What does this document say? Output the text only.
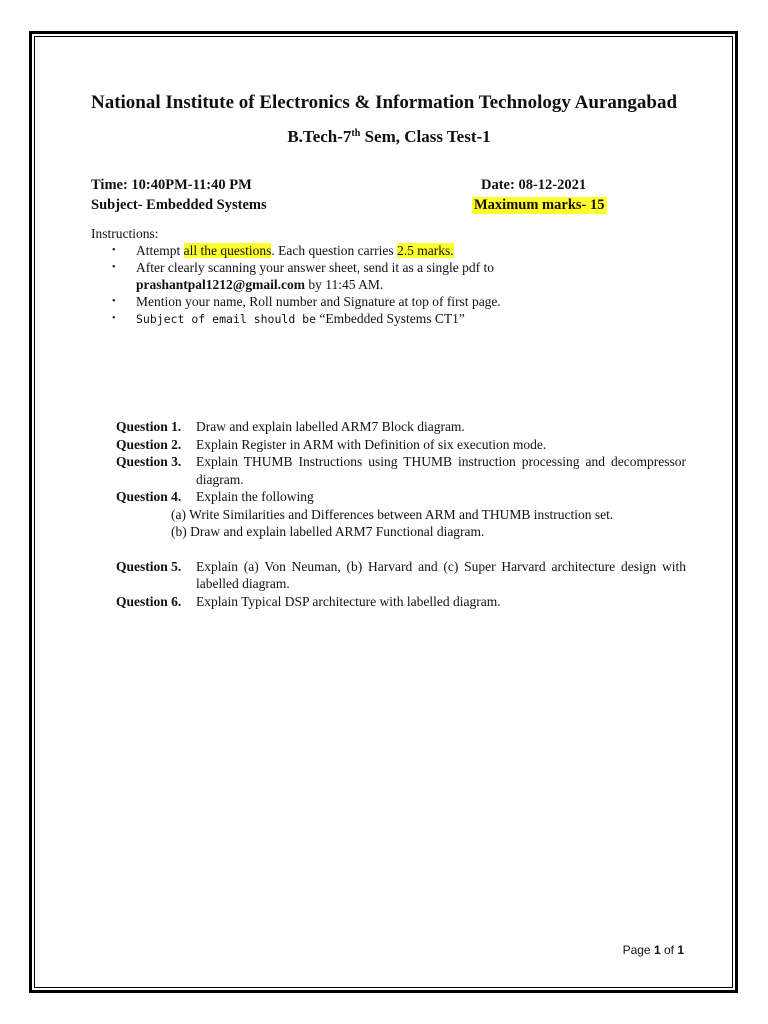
National Institute of Electronics & Information Technology Aurangabad
B.Tech-7th Sem, Class Test-1
Time: 10:40PM-11:40 PM
Subject- Embedded Systems
Date: 08-12-2021
Maximum marks- 15
Instructions:
• Attempt all the questions. Each question carries 2.5 marks.
• After clearly scanning your answer sheet, send it as a single pdf to
prashantpal1212@gmail.com by 11:45 AM.
• Mention your name, Roll number and Signature at top of first page.
• Subject of email should be “Embedded Systems CT1”
Question 1.	Draw and explain labelled ARM7 Block diagram.
Question 2.	Explain Register in ARM with Definition of six execution mode.
Question 3.	Explain THUMB Instructions using THUMB instruction processing and decompressor diagram.
Question 4.	Explain the following
(a) Write Similarities and Differences between ARM and THUMB instruction set.
(b) Draw and explain labelled ARM7 Functional diagram.
Question 5.	Explain (a) Von Neuman, (b) Harvard and (c) Super Harvard architecture design with labelled diagram.
Question 6.	Explain Typical DSP architecture with labelled diagram.
Page 1 of 1
